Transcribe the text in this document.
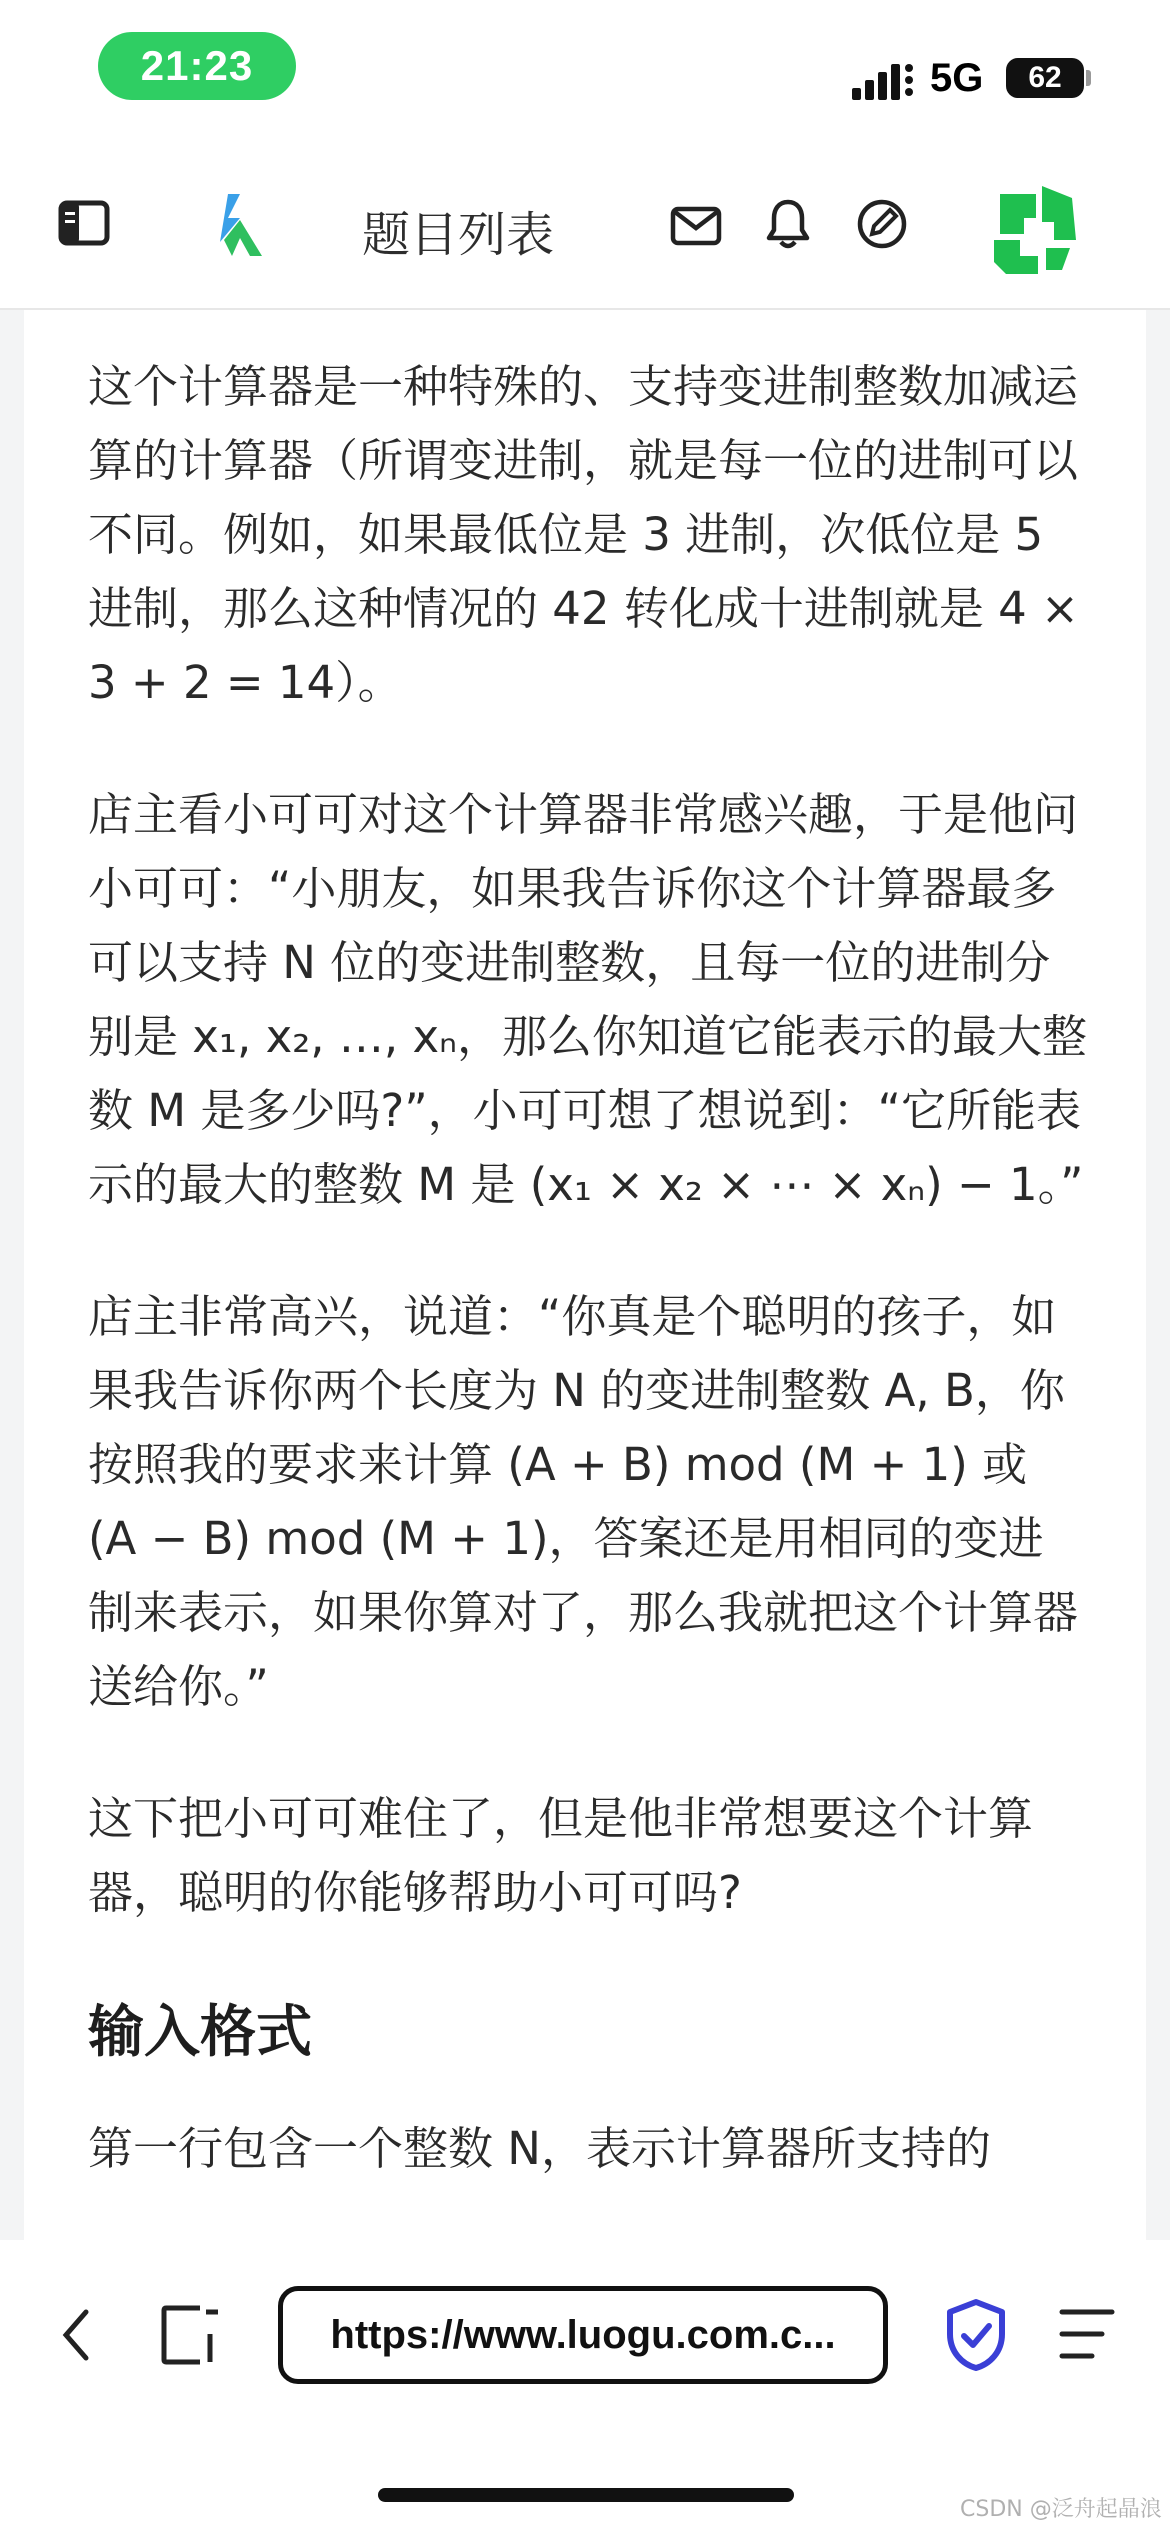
21:23	5G 62
题目列表

这个计算器是一种特殊的、支持变进制整数加减运算的计算器（所谓变进制，就是每一位的进制可以不同。例如，如果最低位是 3 进制，次低位是 5 进制，那么这种情况的 42 转化成十进制就是 4 × 3 + 2 = 14）。

店主看小可可对这个计算器非常感兴趣，于是他问小可可：“小朋友，如果我告诉你这个计算器最多可以支持 N 位的变进制整数，且每一位的进制分别是 x₁, x₂, …, xₙ，那么你知道它能表示的最大整数 M 是多少吗?”，小可可想了想说到：“它所能表示的最大的整数 M 是 (x₁ × x₂ × ⋯ × xₙ) − 1。”

店主非常高兴，说道：“你真是个聪明的孩子，如果我告诉你两个长度为 N 的变进制整数 A, B，你按照我的要求来计算 (A + B) mod (M + 1) 或 (A − B) mod (M + 1)，答案还是用相同的变进制来表示，如果你算对了，那么我就把这个计算器送给你。”

这下把小可可难住了，但是他非常想要这个计算器，聪明的你能够帮助小可可吗?

输入格式

第一行包含一个整数 N，表示计算器所支持的

https://www.luogu.com.c...
CSDN @泛舟起晶浪
